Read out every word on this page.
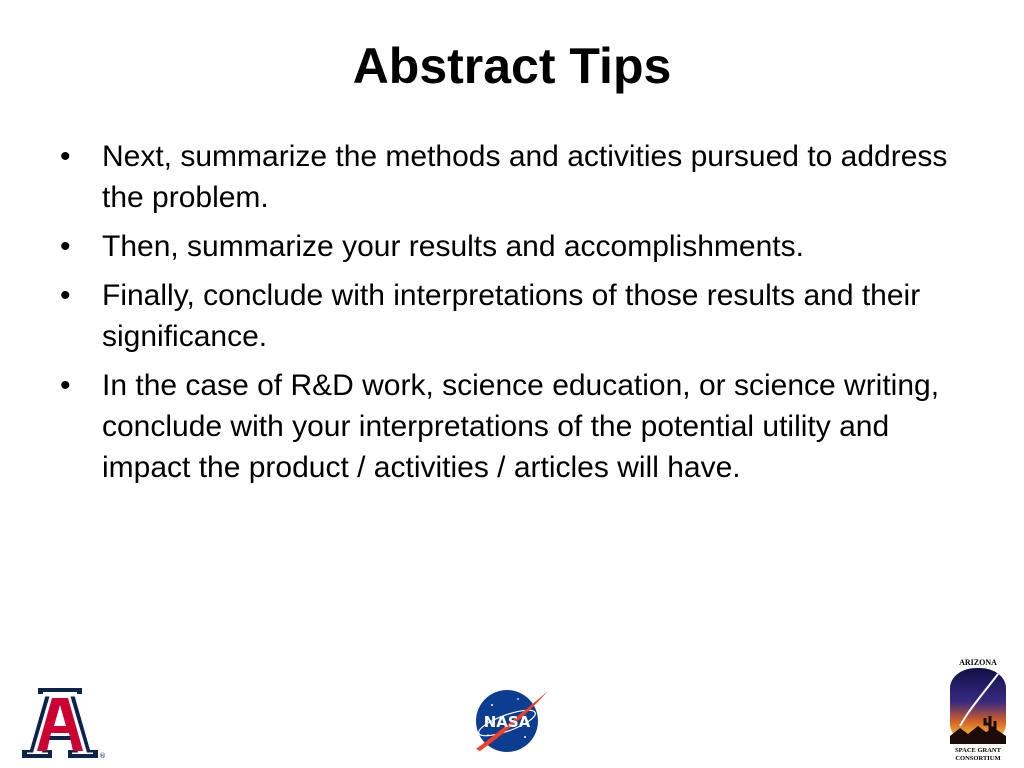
Abstract Tips
•	Next, summarize the methods and activities pursued to address the problem.
•	Then, summarize your results and accomplishments.
•	Finally, conclude with interpretations of those results and their significance.
•	In the case of R&D work, science education, or science writing, conclude with your interpretations of the potential utility and impact the product / activities / articles will have.
®
NASA
ARIZONA
SPACE GRANT
CONSORTIUM
